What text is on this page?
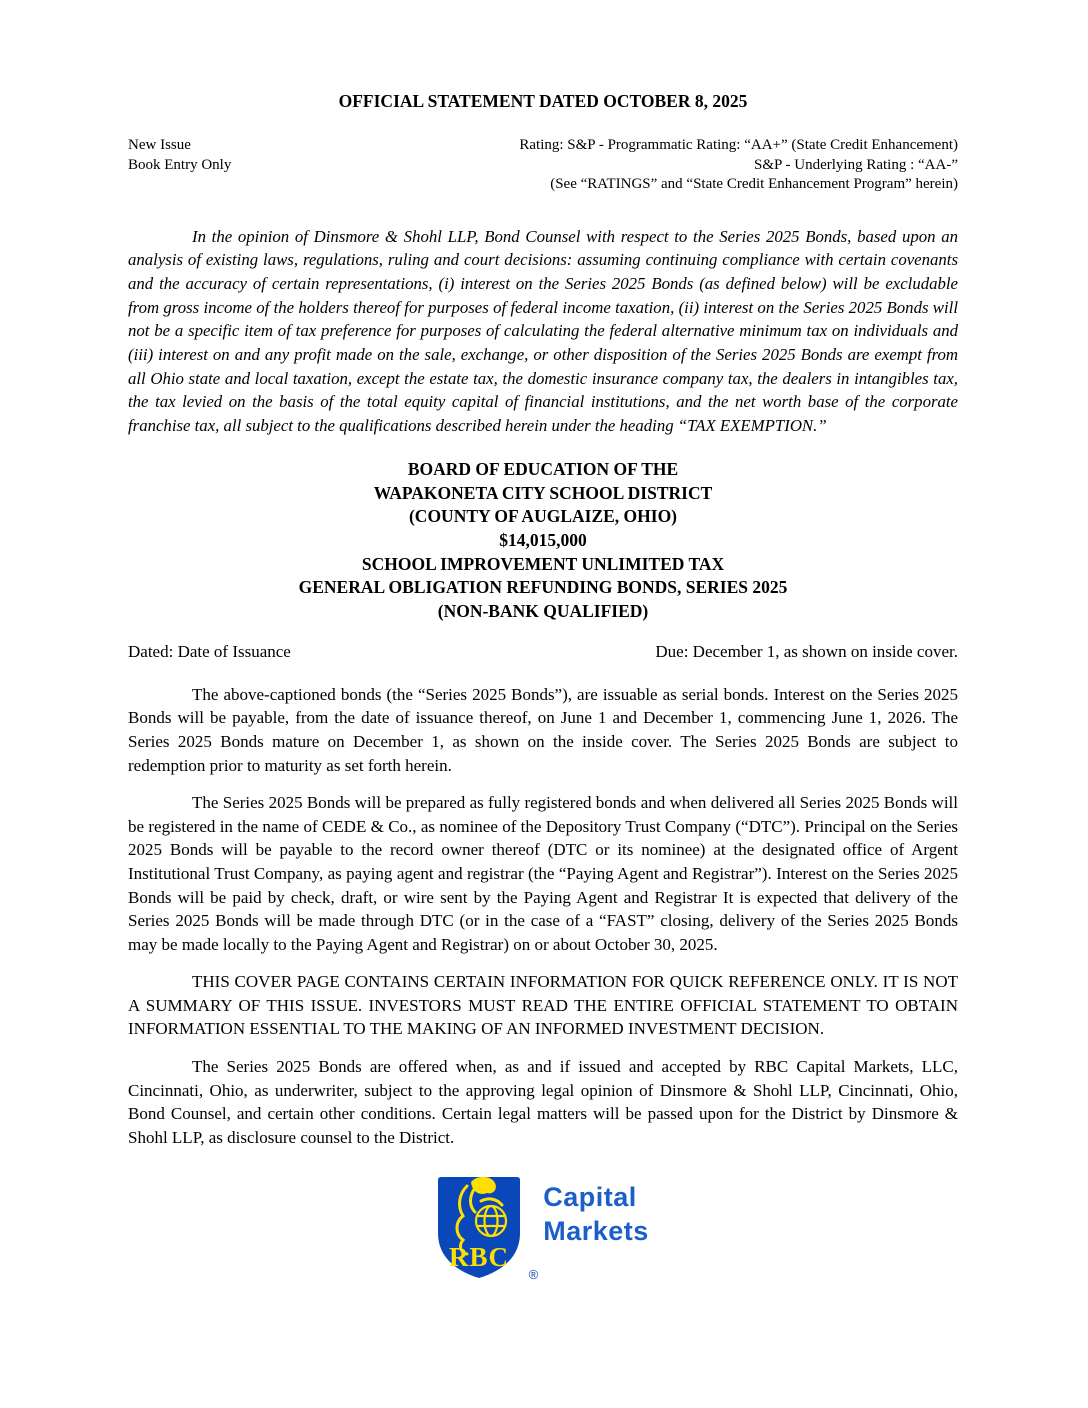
OFFICIAL STATEMENT DATED OCTOBER 8, 2025
New Issue
Book Entry Only
Rating: S&P - Programmatic Rating: “AA+” (State Credit Enhancement)
S&P - Underlying Rating : “AA-”
(See “RATINGS” and “State Credit Enhancement Program” herein)

In the opinion of Dinsmore & Shohl LLP, Bond Counsel with respect to the Series 2025 Bonds, based upon an analysis of existing laws, regulations, ruling and court decisions: assuming continuing compliance with certain covenants and the accuracy of certain representations, (i) interest on the Series 2025 Bonds (as defined below) will be excludable from gross income of the holders thereof for purposes of federal income taxation, (ii) interest on the Series 2025 Bonds will not be a specific item of tax preference for purposes of calculating the federal alternative minimum tax on individuals and (iii) interest on and any profit made on the sale, exchange, or other disposition of the Series 2025 Bonds are exempt from all Ohio state and local taxation, except the estate tax, the domestic insurance company tax, the dealers in intangibles tax, the tax levied on the basis of the total equity capital of financial institutions, and the net worth base of the corporate franchise tax, all subject to the qualifications described herein under the heading “TAX EXEMPTION.”

BOARD OF EDUCATION OF THE
WAPAKONETA CITY SCHOOL DISTRICT
(COUNTY OF AUGLAIZE, OHIO)
$14,015,000
SCHOOL IMPROVEMENT UNLIMITED TAX
GENERAL OBLIGATION REFUNDING BONDS, SERIES 2025
(NON-BANK QUALIFIED)
Dated: Date of Issuance	Due: December 1, as shown on inside cover.

The above-captioned bonds (the “Series 2025 Bonds”), are issuable as serial bonds. Interest on the Series 2025 Bonds will be payable, from the date of issuance thereof, on June 1 and December 1, commencing June 1, 2026. The Series 2025 Bonds mature on December 1, as shown on the inside cover. The Series 2025 Bonds are subject to redemption prior to maturity as set forth herein.

The Series 2025 Bonds will be prepared as fully registered bonds and when delivered all Series 2025 Bonds will be registered in the name of CEDE & Co., as nominee of the Depository Trust Company (“DTC”). Principal on the Series 2025 Bonds will be payable to the record owner thereof (DTC or its nominee) at the designated office of Argent Institutional Trust Company, as paying agent and registrar (the “Paying Agent and Registrar”). Interest on the Series 2025 Bonds will be paid by check, draft, or wire sent by the Paying Agent and Registrar It is expected that delivery of the Series 2025 Bonds will be made through DTC (or in the case of a “FAST” closing, delivery of the Series 2025 Bonds may be made locally to the Paying Agent and Registrar) on or about October 30, 2025.

THIS COVER PAGE CONTAINS CERTAIN INFORMATION FOR QUICK REFERENCE ONLY. IT IS NOT A SUMMARY OF THIS ISSUE. INVESTORS MUST READ THE ENTIRE OFFICIAL STATEMENT TO OBTAIN INFORMATION ESSENTIAL TO THE MAKING OF AN INFORMED INVESTMENT DECISION.

The Series 2025 Bonds are offered when, as and if issued and accepted by RBC Capital Markets, LLC, Cincinnati, Ohio, as underwriter, subject to the approving legal opinion of Dinsmore & Shohl LLP, Cincinnati, Ohio, Bond Counsel, and certain other conditions. Certain legal matters will be passed upon for the District by Dinsmore & Shohl LLP, as disclosure counsel to the District.

RBC
®
Capital
Markets
